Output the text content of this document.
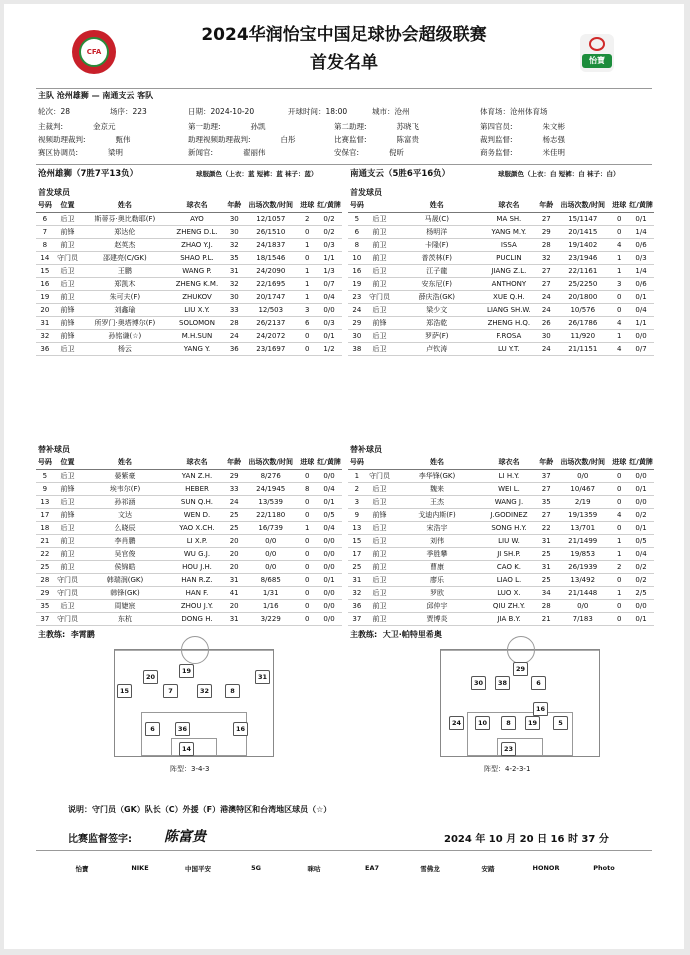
CFA
2024华润怡宝中国足球协会超级联赛
首发名单	怡寶
主队 沧州雄狮 — 南通支云 客队
轮次：28	场序：223	日期：2024-10-20	开球时间：18:00	城市：沧州	体育场：沧州体育场
主裁判:	金京元	第一助理:	孙凯	第二助理:	苏晓飞	第四官员:	朱文彬
视频助理裁判:	甄伟	助理视频助理裁判:	白彤	比赛监督:	陈富贵	裁判监督:	杨志强
赛区协调员:	梁明	新闻官:	翟丽伟	安保官:	倪昕	商务监督:	米佳明
沧州雄狮（7胜7平13负）	球服颜色（上衣：蓝 短裤：蓝 袜子：蓝）	南通支云（5胜6平16负）	球服颜色（上衣：白 短裤：白 袜子：白）
首发球员	首发球员
号码	位置	姓名	球衣名	年龄	出场次数/时间	进球	红/黄牌
6	后卫	斯蒂芬·奥比勒耶(F)	AYO	30	12/1057	2	0/2
7	前锋	郑达伦	ZHENG D.L.	30	26/1510	0	0/2
8	前卫	赵英杰	ZHAO Y.J.	32	24/1837	1	0/3
14	守门员	邵建亮(C/GK)	SHAO P.L.	35	18/1546	0	1/1
15	后卫	王鹏	WANG P.	31	24/2090	1	1/3
16	后卫	郑凯木	ZHENG K.M.	32	22/1695	1	0/7
19	前卫	朱可夫(F)	ZHUKOV	30	20/1747	1	0/4
20	前锋	刘鑫瑜	LIU X.Y.	33	12/503	3	0/0
31	前锋	所罗门·奥塔博尔(F)	SOLOMON	28	26/2137	6	0/3
32	前锋	孙铭谦(☆)	M.H.SUN	24	24/2072	0	0/1
36	后卫	杨云	YANG Y.	36	23/1697	0	1/2
号码		姓名	球衣名	年龄	出场次数/时间	进球	红/黄牌
5	后卫	马晟(C)	MA SH.	27	15/1147	0	0/1
6	前卫	杨明洋	YANG M.Y.	29	20/1415	0	1/4
8	前卫	卡隆(F)	ISSA	28	19/1402	4	0/6
10	前卫	普茨林(F)	PUCLIN	32	23/1946	1	0/3
16	后卫	江子龍	JIANG Z.L.	27	22/1161	1	1/4
19	前卫	安东尼(F)	ANTHONY	27	25/2250	3	0/6
23	守门员	薛庆浩(GK)	XUE Q.H.	24	20/1800	0	0/1
24	后卫	梁少文	LIANG SH.W.	24	10/576	0	0/4
29	前锋	郑浩乾	ZHENG H.Q.	26	26/1786	4	1/1
30	后卫	罗萨(F)	F.ROSA	30	11/920	1	0/0
38	后卫	卢钦涛	LU Y.T.	24	21/1151	4	0/7
替补球员	替补球员
号码	位置	姓名	球衣名	年龄	出场次数/时间	进球	红/黄牌
5	后卫	晏紫豪	YAN Z.H.	29	8/276	0	0/0
9	前锋	埃韦尔(F)	HEBER	33	24/1945	8	0/4
13	后卫	孙祁涵	SUN Q.H.	24	13/539	0	0/1
17	前锋	文达	WEN D.	25	22/1180	0	0/5
18	后卫	么晓辰	YAO X.CH.	25	16/739	1	0/4
21	前卫	李肖鹏	LI X.P.	20	0/0	0	0/0
22	前卫	吴官俊	WU G.J.	20	0/0	0	0/0
25	前卫	侯锦皓	HOU J.H.	20	0/0	0	0/0
28	守门员	韩瑞润(GK)	HAN R.Z.	31	8/685	0	0/1
29	守门员	韩锋(GK)	HAN F.	41	1/31	0	0/0
35	后卫	周婕宸	ZHOU J.Y.	20	1/16	0	0/0
37	守门员	东杭	DONG H.	31	3/229	0	0/0
号码		姓名	球衣名	年龄	出场次数/时间	进球	红/黄牌
1	守门员	李华锋(GK)	LI H.Y.	37	0/0	0	0/0
2	后卫	魏来	WEI L.	27	10/467	0	0/1
3	后卫	王杰	WANG J.	35	2/19	0	0/0
9	前锋	戈迪内斯(F)	J.GODINEZ	27	19/1359	4	0/2
13	后卫	宋浩宇	SONG H.Y.	22	13/701	0	0/1
15	后卫	刘伟	LIU W.	31	21/1499	1	0/5
17	前卫	季胜攀	JI SH.P.	25	19/853	1	0/4
25	前卫	曹康	CAO K.	31	26/1939	2	0/2
31	后卫	廖乐	LIAO L.	25	13/492	0	0/2
32	后卫	罗欧	LUO X.	34	21/1448	1	2/5
36	前卫	邱仲宇	QIU ZH.Y.	28	0/0	0	0/0
37	前卫	贾博炎	JIA B.Y.	21	7/183	0	0/1
主教练: 李霄鹏	主教练: 大卫·帕特里希奥
19
20	31
15	8
7	32
6	36	16
14
29
30	38	6
16
5
24	10	19
8
23
阵型：3-4-3	阵型：4-2-3-1
说明：守门员（GK）队长（C）外援（F）港澳特区和台湾地区球员（☆）
比赛监督签字: 陈富贵	2024 年 10 月 20 日 16 时 37 分
怡寶	NIKE	中国平安	5G	咪咕	EA7	雪佛龙	安踏	HONOR	Photo
